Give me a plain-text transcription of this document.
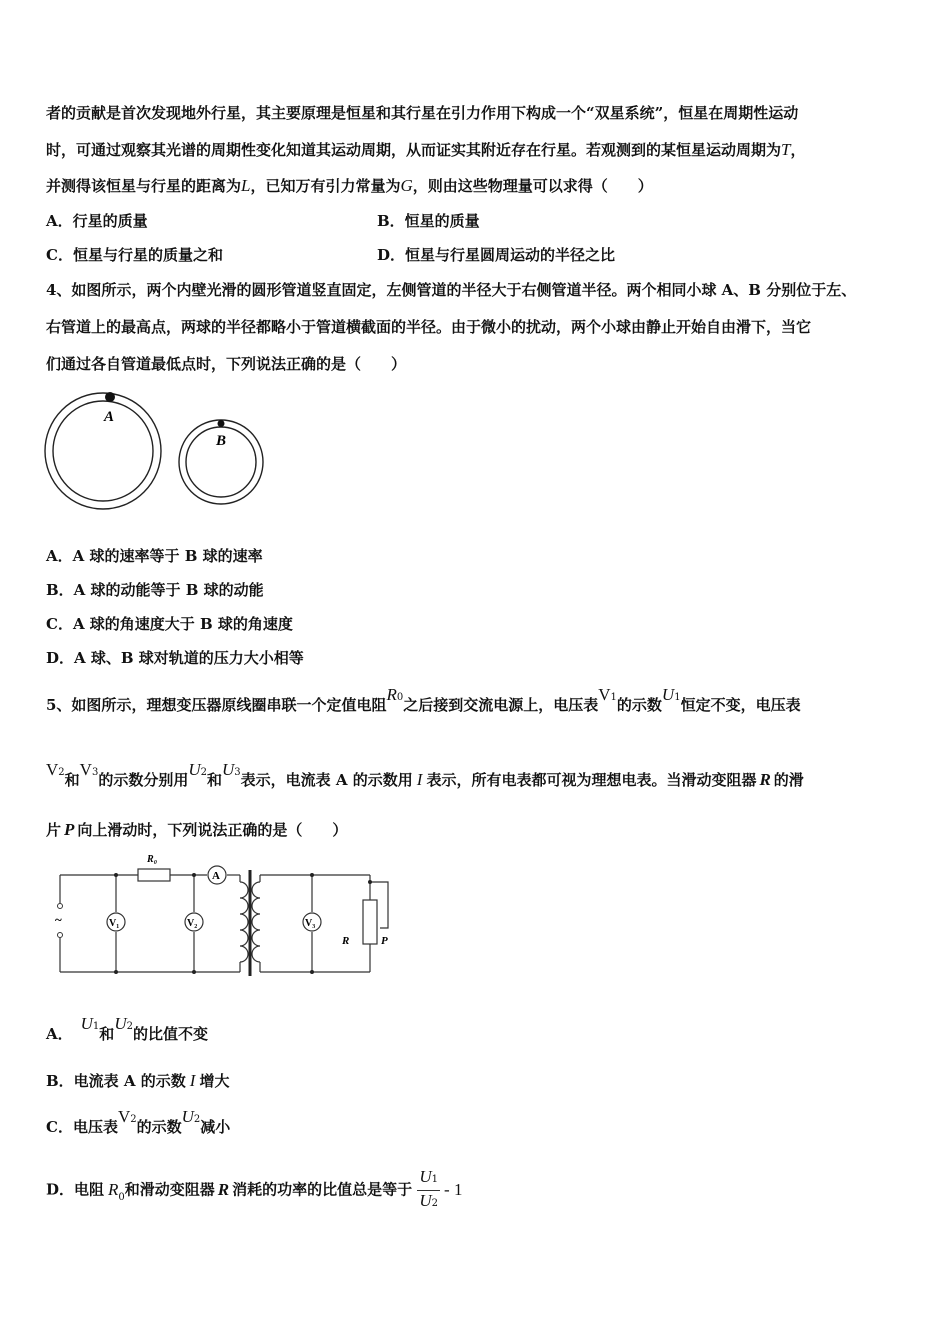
者的贡献是首次发现地外行星，其主要原理是恒星和其行星在引力作用下构成一个“双星系统”，恒星在周期性运动
时，可通过观察其光谱的周期性变化知道其运动周期，从而证实其附近存在行星。若观测到的某恒星运动周期为T，
并测得该恒星与行星的距离为L，已知万有引力常量为G，则由这些物理量可以求得（　　）
A．行星的质量	B．恒星的质量
C．恒星与行星的质量之和	D．恒星与行星圆周运动的半径之比
4、如图所示，两个内壁光滑的圆形管道竖直固定，左侧管道的半径大于右侧管道半径。两个相同小球 A、B 分别位于左、
右管道上的最高点，两球的半径都略小于管道横截面的半径。由于微小的扰动，两个小球由静止开始自由滑下，当它
们通过各自管道最低点时，下列说法正确的是（　　）
A
B
A．A 球的速率等于 B 球的速率
B．A 球的动能等于 B 球的动能
C．A 球的角速度大于 B 球的角速度
D．A 球、B 球对轨道的压力大小相等
5、如图所示，理想变压器原线圈串联一个定值电阻R0之后接到交流电源上，电压表V1的示数U1恒定不变，电压表
V2和V3的示数分别用U2和U3表示，电流表 A 的示数用 I 表示，所有电表都可视为理想电表。当滑动变阻器 R 的滑
片 P 向上滑动时，下列说法正确的是（　　）
R₀
A
V₁	V₂	V₃
~
R	P
A．U1和U2的比值不变
B．电流表 A 的示数 I 增大
C．电压表V2的示数U2减小
D．电阻 $R_0$和滑动变阻器 R 消耗的功率的比值总是等于 $\frac{U1}{U2} - 1$
